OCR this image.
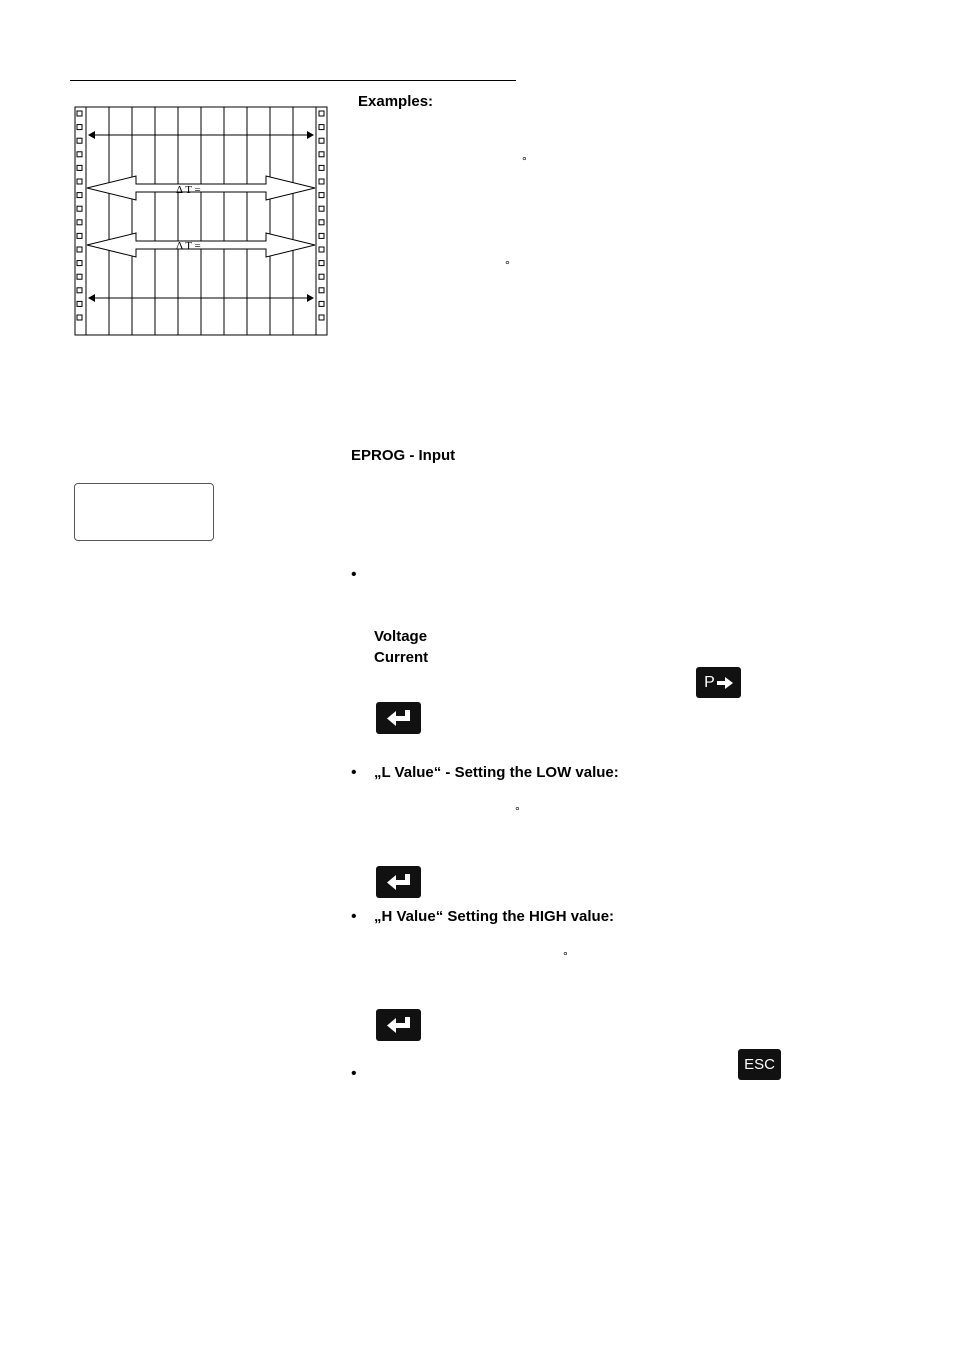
Δ T =
Δ T =
Examples:
°
°
EPROG - Input
•
Voltage
Current
P
• „L Value“ - Setting the LOW value:
°
• „H Value“ Setting the HIGH value:
°
•
ESC
